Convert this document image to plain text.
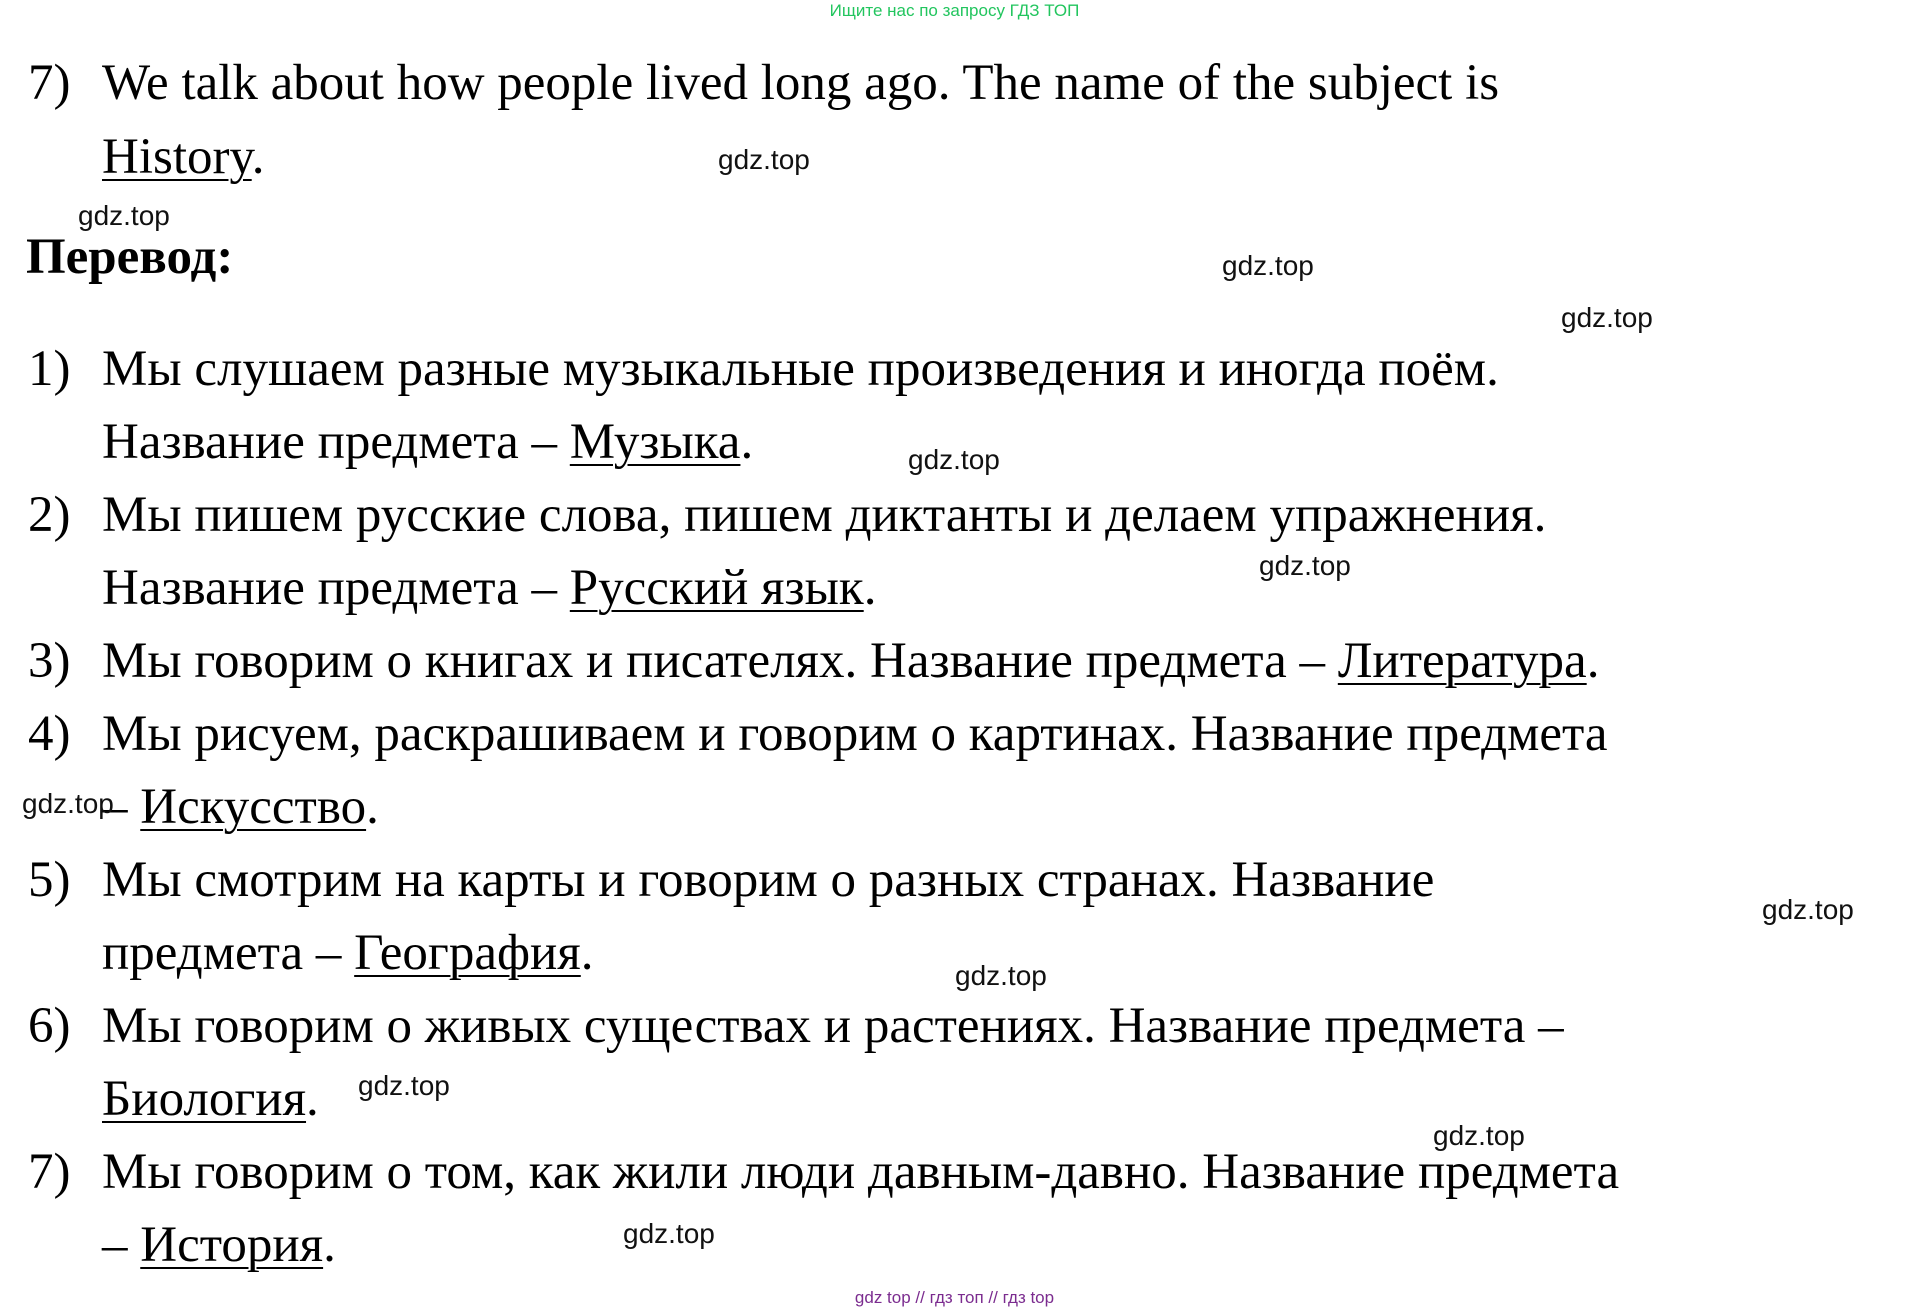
Ищите нас по запросу ГДЗ ТОП
7) We talk about how people lived long ago. The name of the subject is
History.
Перевод:
1) Мы слушаем разные музыкальные произведения и иногда поём.
Название предмета – Музыка.
2) Мы пишем русские слова, пишем диктанты и делаем упражнения.
Название предмета – Русский язык.
3) Мы говорим о книгах и писателях. Название предмета – Литература.
4) Мы рисуем, раскрашиваем и говорим о картинах. Название предмета
– Искусство.
5) Мы смотрим на карты и говорим о разных странах. Название
предмета – География.
6) Мы говорим о живых существах и растениях. Название предмета –
Биология.
7) Мы говорим о том, как жили люди давным-давно. Название предмета
– История.
gdz.top
gdz.top
gdz.top
gdz.top
gdz.top
gdz.top
gdz.top
gdz.top
gdz.top
gdz.top
gdz.top
gdz.top
gdz top // гдз топ // гдз top
